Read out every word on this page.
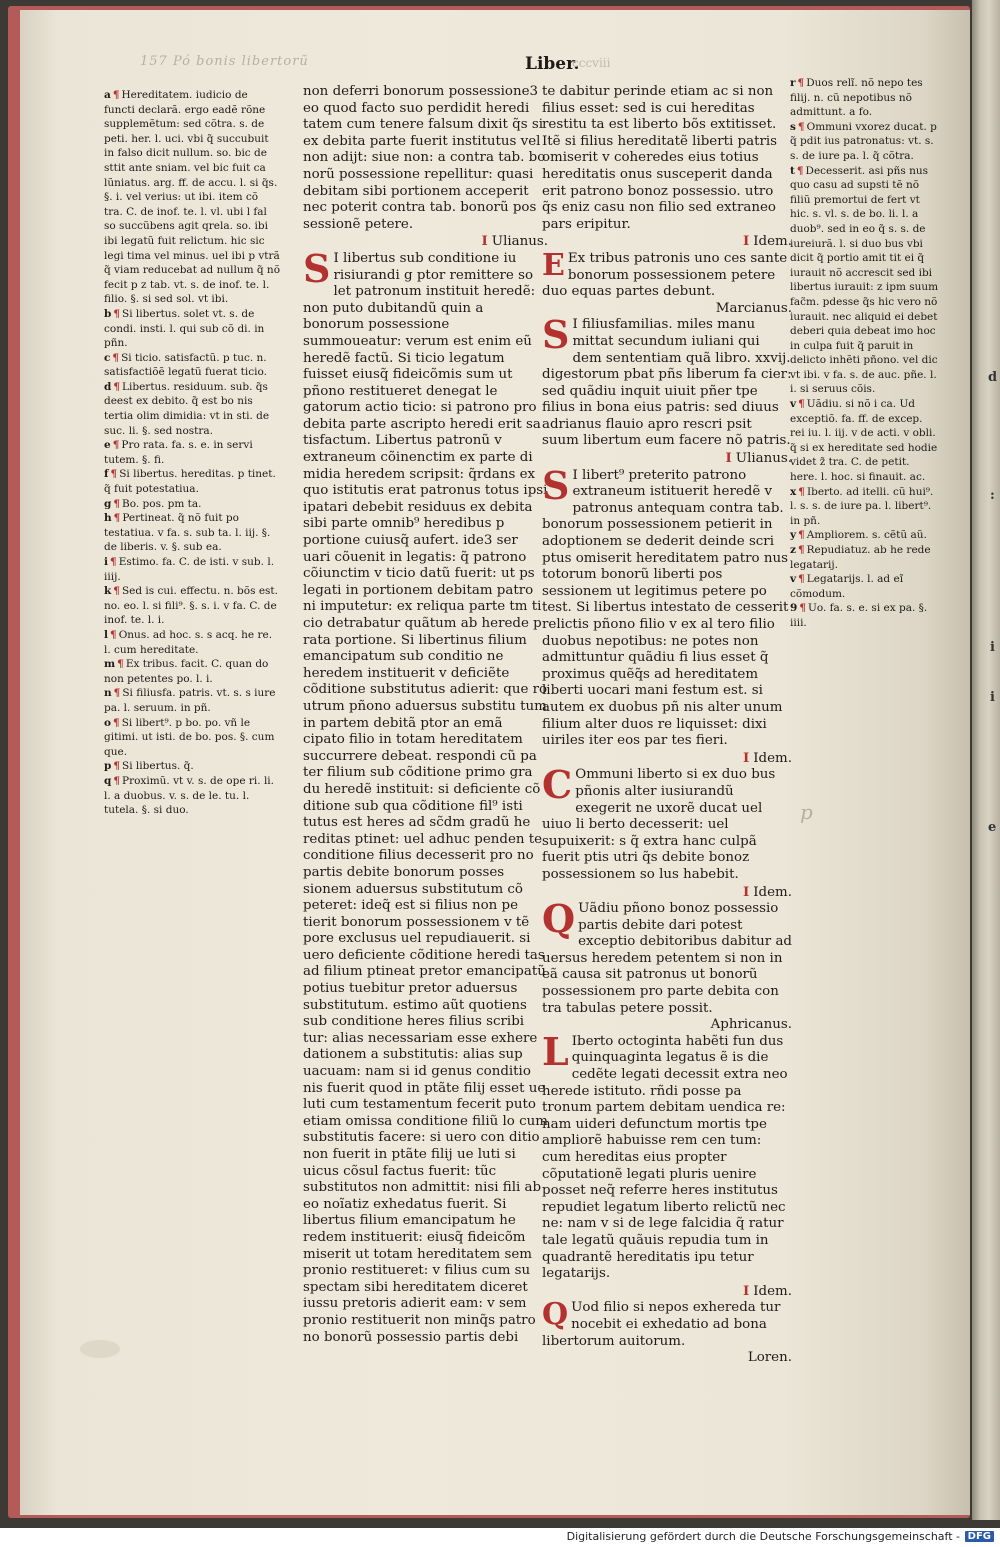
d
:
i
i
e
157 Pó bonis libertorũ	Liber.
cccviii
p

a ¶ Hereditatem. iudicio de functi declarã. ergo eadẽ rõne supplemẽtum: sed cõtra. s. de peti. her. l. uci. vbi q̃ succubuit in falso dicit nullum. so. bic de sttit ante sniam. vel bic fuit ca lũniatus. arg. ff. de accu. l. si q̃s. §. i. vel verius: ut ibi. item cõ tra. C. de inof. te. l. vl. ubi l fal so succũbens agit qrela. so. ibi ibi legatũ fuit relictum. hic sic legi tima vel minus. uel ibi p vtrã q̃ viam reducebat ad nullum q̃ nõ fecit p z tab. vt. s. de inof. te. l. filio. §. si sed sol. vt ibi.

b ¶ Si libertus. solet vt. s. de condi. insti. l. qui sub cõ di. in pñn.

c ¶ Si ticio. satisfactũ. p tuc. n. satisfactiõẽ legatũ fuerat ticio.

d ¶ Libertus. residuum. sub. q̃s deest ex debito. q̃ est bo nis tertia olim dimidia: vt in sti. de suc. li. §. sed nostra.

e ¶ Pro rata. fa. s. e. in servi tutem. §. fi.

f ¶ Si libertus. hereditas. p tinet. q̃ fuit potestatiua.

g ¶ Bo. pos. pm ta.

h ¶ Pertineat. q̃ nõ fuit po testatiua. v fa. s. sub ta. l. iij. §. de liberis. v. §. sub ea.

i ¶ Estimo. fa. C. de isti. v sub. l. iiij.

k ¶ Sed is cui. effectu. n. bõs est. no. eo. l. si fili⁹. §. s. i. v fa. C. de inof. te. l. i.

l ¶ Onus. ad hoc. s. s acq. he re. l. cum hereditate.

m ¶ Ex tribus. facit. C. quan do non petentes po. l. i.

n ¶ Si filiusfa. patris. vt. s. s iure pa. l. seruum. in pñ.

o ¶ Si libert⁹. p bo. po. vñ le gitimi. ut isti. de bo. pos. §. cum que.

p ¶ Si libertus. q̃.

q ¶ Proximũ. vt v. s. de ope ri. li. l. a duobus. v. s. de le. tu. l. tutela. §. si duo.

non deferri bonorum possessione3 eo quod facto suo perdidit heredi tatem cum tenere falsum dixit q̃s si ex debita parte fuerit institutus vel non adijt: siue non: a contra tab. bo norũ possessione repellitur: quasi debitam sibi portionem acceperit nec poterit contra tab. bonorũ pos sessionẽ petere.

I Ulianus.

S I libertus sub conditione iu risiurandi g ptor remittere so let patronum instituit heredẽ: non puto dubitandũ quin a bonorum possessione summoueatur: verum est enim eũ heredẽ factũ. Si ticio legatum fuisset eiusq̃ fideicõmis sum ut pñono restitueret denegat le gatorum actio ticio: si patrono pro debita parte ascripto heredi erit sa tisfactum. Libertus patronũ v extraneum cõinenctim ex parte di midia heredem scripsit: q̃rdans ex quo istitutis erat patronus totus ipsi ipatari debebit residuus ex debita sibi parte omnib⁹ heredibus p portione cuiusq̃ aufert. ide3 ser uari cõuenit in legatis: q̃ patrono cõiunctim v ticio datũ fuerit: ut ps legati in portionem debitam patro ni imputetur: ex reliqua parte tm ti cio detrabatur quãtum ab herede p rata portione. Si libertinus filium emancipatum sub conditio ne heredem instituerit v deficiẽte cõditione substitutus adierit: que ro utrum pñono aduersus substitu tum in partem debitã ptor an emã cipato filio in totam hereditatem succurrere debeat. respondi cũ pa ter filium sub cõditione primo gra du heredẽ instituit: si deficiente cõ ditione sub qua cõditione fil⁹ isti tutus est heres ad sc̃dm gradũ he reditas ptinet: uel adhuc penden te conditione filius decesserit pro no partis debite bonorum posses sionem aduersus substitutum cõ peteret: ideq̃ est si filius non pe tierit bonorum possessionem v tẽ pore exclusus uel repudiauerit. si uero deficiente cõditione heredi tas ad filium ptineat pretor emancipatũ potius tuebitur pretor aduersus substitutum. estimo aũt quotiens sub conditione heres filius scribi tur: alias necessariam esse exhere dationem a substitutis: alias sup uacuam: nam si id genus conditio nis fuerit quod in ptãte filij esset ue luti cum testamentum fecerit puto etiam omissa conditione filiũ lo cum substitutis facere: si uero con ditio non fuerit in ptãte filij ue luti si uicus cõsul factus fuerit: tũc substitutos non admittit: nisi fili ab eo noĩatiz exhedatus fuerit. Si libertus filium emancipatum he redem instituerit: eiusq̃ fideicõm miserit ut totam hereditatem sem pronio restitueret: v filius cum su spectam sibi hereditatem diceret iussu pretoris adierit eam: v sem pronio restituerit non minq̃s patro no bonorũ possessio partis debi

te dabitur perinde etiam ac si non filius esset: sed is cui hereditas restitu ta est liberto bõs extitisset. Itẽ si filius hereditatẽ liberti patris omiserit v coheredes eius totius hereditatis onus susceperit danda erit patrono bonoz possessio. utro q̃s eniz casu non filio sed extraneo pars eripitur.

I Idem.

E Ex tribus patronis uno ces sante bonorum possessionem petere duo equas partes debunt.

Marcianus.

S I filiusfamilias. miles manu mittat secundum iuliani qui dem sententiam quã libro. xxvij. digestorum pbat pñs liberum fa cier: sed quãdiu inquit uiuit pñer tpe filius in bona eius patris: sed diuus adrianus flauio apro rescri psit suum libertum eum facere nõ patris.

I Ulianus.

S I libert⁹ preterito patrono extraneum istituerit heredẽ v patronus antequam contra tab. bonorum possessionem petierit in adoptionem se dederit deinde scri ptus omiserit hereditatem patro nus totorum bonorũ liberti pos sessionem ut legitimus petere po test. Si libertus intestato de cesserit relictis pñono filio v ex al tero filio duobus nepotibus: ne potes non admittuntur quãdiu fi lius esset q̃ proximus quẽq̃s ad hereditatem liberti uocari mani festum est. si autem ex duobus pñ nis alter unum filium alter duos re liquisset: dixi uiriles iter eos par tes fieri.

I Idem.

C Ommuni liberto si ex duo bus pñonis alter iusiurandũ exegerit ne uxorẽ ducat uel uiuo li berto decesserit: uel supuixerit: s q̃ extra hanc culpã fuerit ptis utri q̃s debite bonoz possessionem so lus habebit.

I Idem.

Q Uãdiu pñono bonoz possessio partis debite dari potest exceptio debitoribus dabitur ad uersus heredem petentem si non in eã causa sit patronus ut bonorũ possessionem pro parte debita con tra tabulas petere possit.

Aphricanus.

L Iberto octoginta habẽti fun dus quinquaginta legatus ẽ is die cedẽte legati decessit extra neo herede istituto. rñdi posse pa tronum partem debitam uendica re: nam uideri defunctum mortis tpe ampliorẽ habuisse rem cen tum: cum hereditas eius propter cõputationẽ legati pluris uenire posset neq̃ referre heres institutus repudiet legatum liberto relictũ nec ne: nam v si de lege falcidia q̃ ratur tale legatũ quãuis repudia tum in quadrantẽ hereditatis ipu tetur legatarijs.

I Idem.

Q Uod filio si nepos exhereda tur nocebit ei exhedatio ad bona libertorum auitorum.

Loren.

r ¶ Duos relĩ. nõ nepo tes filij. n. cũ nepotibus nõ admittunt. a fo.

s ¶ Ommuni vxorez ducat. p q̃ pdit ius patronatus: vt. s. s. de iure pa. l. q̃ cõtra.

t ¶ Decesserit. asi pñs nus quo casu ad supsti tẽ nõ filiũ premortui de fert vt hic. s. vl. s. de bo. li. l. a duob⁹. sed in eo q̃ s. s. de iureiurã. l. si duo bus vbi dicit q̃ portio amit tit ei q̃ iurauit nõ accrescit sed ibi libertus iurauit: z ipm suum fac̃m. pdesse q̃s hic vero nõ iurauit. nec aliquid ei debet deberi quia debeat imo hoc in culpa fuit q̃ paruit in delicto inhẽti pñono. vel dic vt ibi. v fa. s. de auc. pñe. l. i. si seruus cõis.

v ¶ Uãdiu. si nõ i ca. Ud exceptiõ. fa. ff. de excep. rei iu. l. iij. v de acti. v obli. q̃ si ex hereditate sed hodie videt z̃ tra. C. de petit. here. l. hoc. si finauit. ac.

x ¶ Iberto. ad itelli. cũ hui⁹. l. s. s. de iure pa. l. libert⁹. in pñ.

y ¶ Ampliorem. s. cẽtũ aũ.

z ¶ Repudiatuz. ab he rede legatarij.

v ¶ Legatarijs. l. ad eĩ cõmodum.

9 ¶ Uo. fa. s. e. si ex pa. §. iiii.

Digitalisierung gefördert durch die Deutsche Forschungsgemeinschaft - DFG
